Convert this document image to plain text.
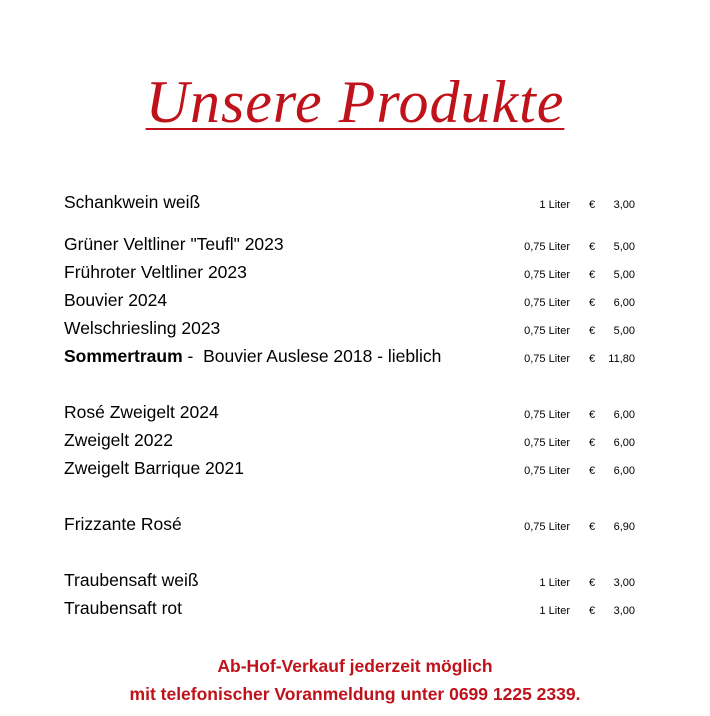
Unsere Produkte
Schankwein weiß	1 Liter € 3,00
Grüner Veltliner "Teufl" 2023	0,75 Liter € 5,00
Frühroter Veltliner 2023	0,75 Liter € 5,00
Bouvier 2024	0,75 Liter € 6,00
Welschriesling 2023	0,75 Liter € 5,00
Sommertraum -  Bouvier Auslese 2018 - lieblich	0,75 Liter € 11,80
Rosé Zweigelt 2024	0,75 Liter € 6,00
Zweigelt 2022	0,75 Liter € 6,00
Zweigelt Barrique 2021	0,75 Liter € 6,00
Frizzante Rosé	0,75 Liter € 6,90
Traubensaft weiß	1 Liter € 3,00
Traubensaft rot	1 Liter € 3,00
Ab-Hof-Verkauf jederzeit möglich
mit telefonischer Voranmeldung unter 0699 1225 2339.
